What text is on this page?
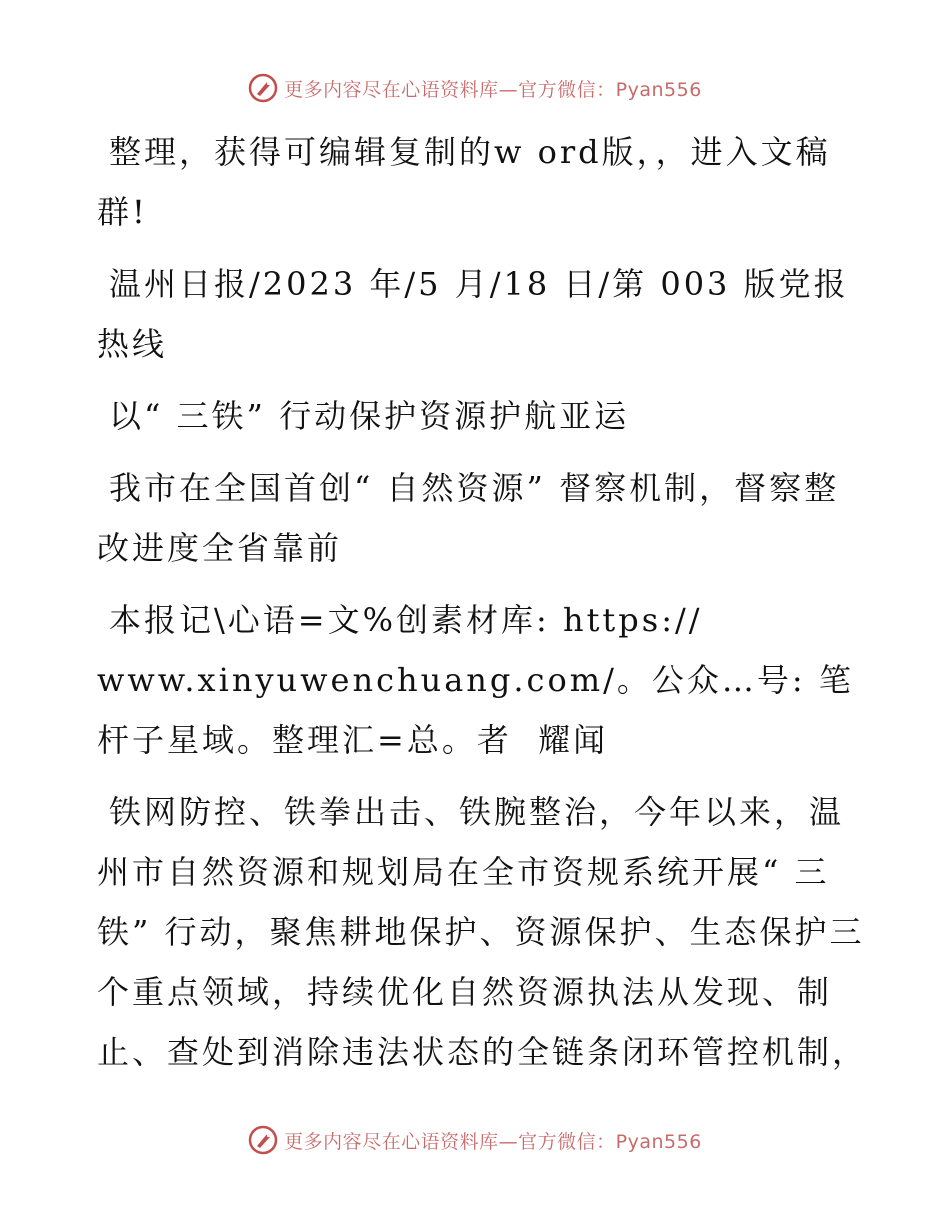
更多内容尽在心语资料库—官方微信：Pyan556

整理，获得可编辑复制的w ord版，，进入文稿群!

温州日报/2023 年/5 月/18 日/第 003 版党报热线

以“ 三铁” 行动保护资源护航亚运

我市在全国首创“ 自然资源” 督察机制，督察整改进度全省靠前

本报记\心语=文%创素材库: https://
www.xinyuwenchuang.com/。公众…号: 笔杆子星域。整理汇=总。者  耀闻

铁网防控、铁拳出击、铁腕整治，今年以来，温州市自然资源和规划局在全市资规系统开展“ 三铁” 行动，聚焦耕地保护、资源保护、生态保护三个重点领域，持续优化自然资源执法从发现、制止、查处到消除违法状态的全链条闭环管控机制，

更多内容尽在心语资料库—官方微信：Pyan556
